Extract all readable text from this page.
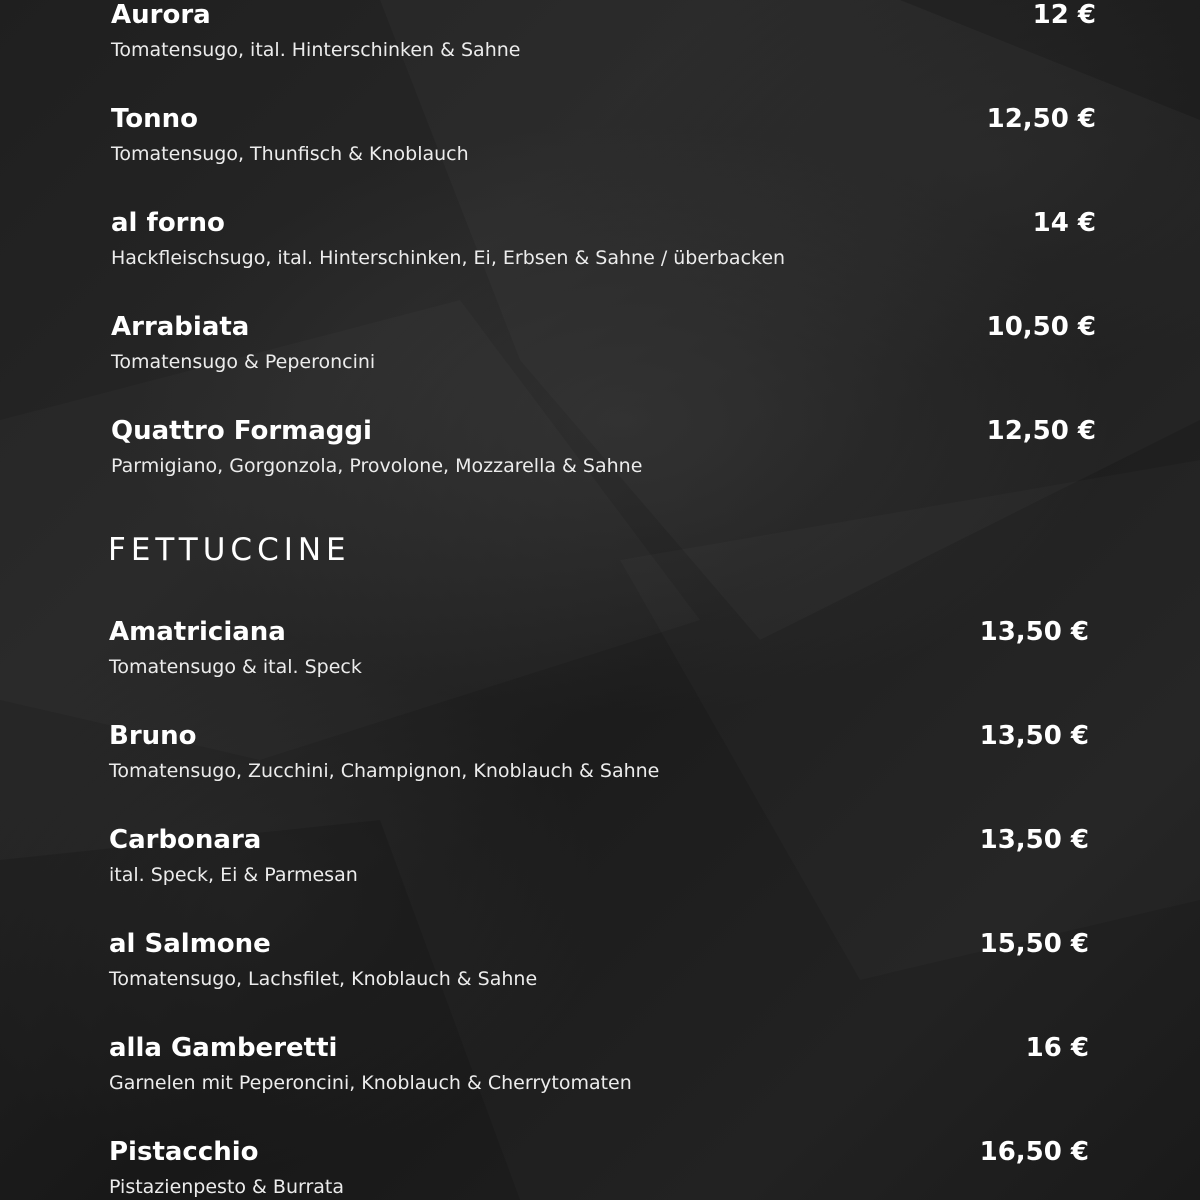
Aurora
Tomatensugo, ital. Hinterschinken & Sahne
12 €
Tonno
Tomatensugo, Thunfisch & Knoblauch
12,50 €
al forno
Hackfleischsugo, ital. Hinterschinken, Ei, Erbsen & Sahne / überbacken
14 €
Arrabiata
Tomatensugo & Peperoncini
10,50 €
Quattro Formaggi
Parmigiano, Gorgonzola, Provolone, Mozzarella & Sahne
12,50 €
FETTUCCINE
Amatriciana
Tomatensugo & ital. Speck
13,50 €
Bruno
Tomatensugo, Zucchini, Champignon, Knoblauch & Sahne
13,50 €
Carbonara
ital. Speck, Ei & Parmesan
13,50 €
al Salmone
Tomatensugo, Lachsfilet, Knoblauch & Sahne
15,50 €
alla Gamberetti
Garnelen mit Peperoncini, Knoblauch & Cherrytomaten
16 €
Pistacchio
Pistazienpesto & Burrata
16,50 €
